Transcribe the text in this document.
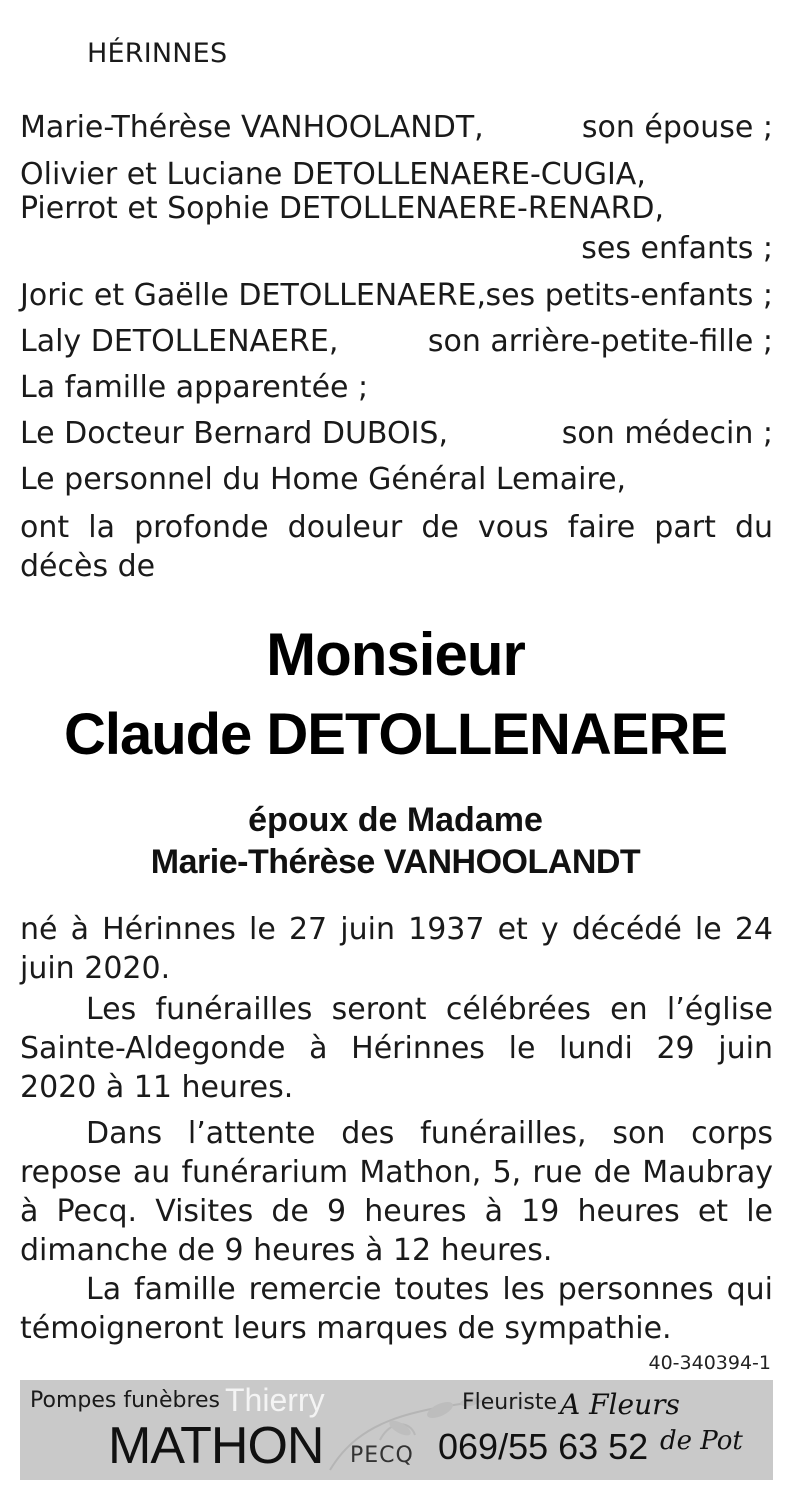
HÉRINNES
Marie-Thérèse VANHOOLANDT,	son épouse ;
Olivier et Luciane DETOLLENAERE-CUGIA,
Pierrot et Sophie DETOLLENAERE-RENARD,
ses enfants ;
Joric et Gaëlle DETOLLENAERE, ses petits-enfants ;
Laly DETOLLENAERE,	son arrière-petite-fille ;
La famille apparentée ;
Le Docteur Bernard DUBOIS,	son médecin ;
Le personnel du Home Général Lemaire,
ont la profonde douleur de vous faire part du décès de
Monsieur
Claude DETOLLENAERE
époux de Madame
Marie-Thérèse VANHOOLANDT
né à Hérinnes le 27 juin 1937 et y décédé le 24 juin 2020.
Les funérailles seront célébrées en l’église Sainte-Aldegonde à Hérinnes le lundi 29 juin 2020 à 11 heures.
Dans l’attente des funérailles, son corps repose au funérarium Mathon, 5, rue de Maubray à Pecq. Visites de 9 heures à 19 heures et le dimanche de 9 heures à 12 heures.
La famille remercie toutes les personnes qui témoigneront leurs marques de sympathie.
40-340394-1
Pompes funèbres Thierry
MATHON PECQ
Fleuriste A Fleurs
de Pot
069/55 63 52
